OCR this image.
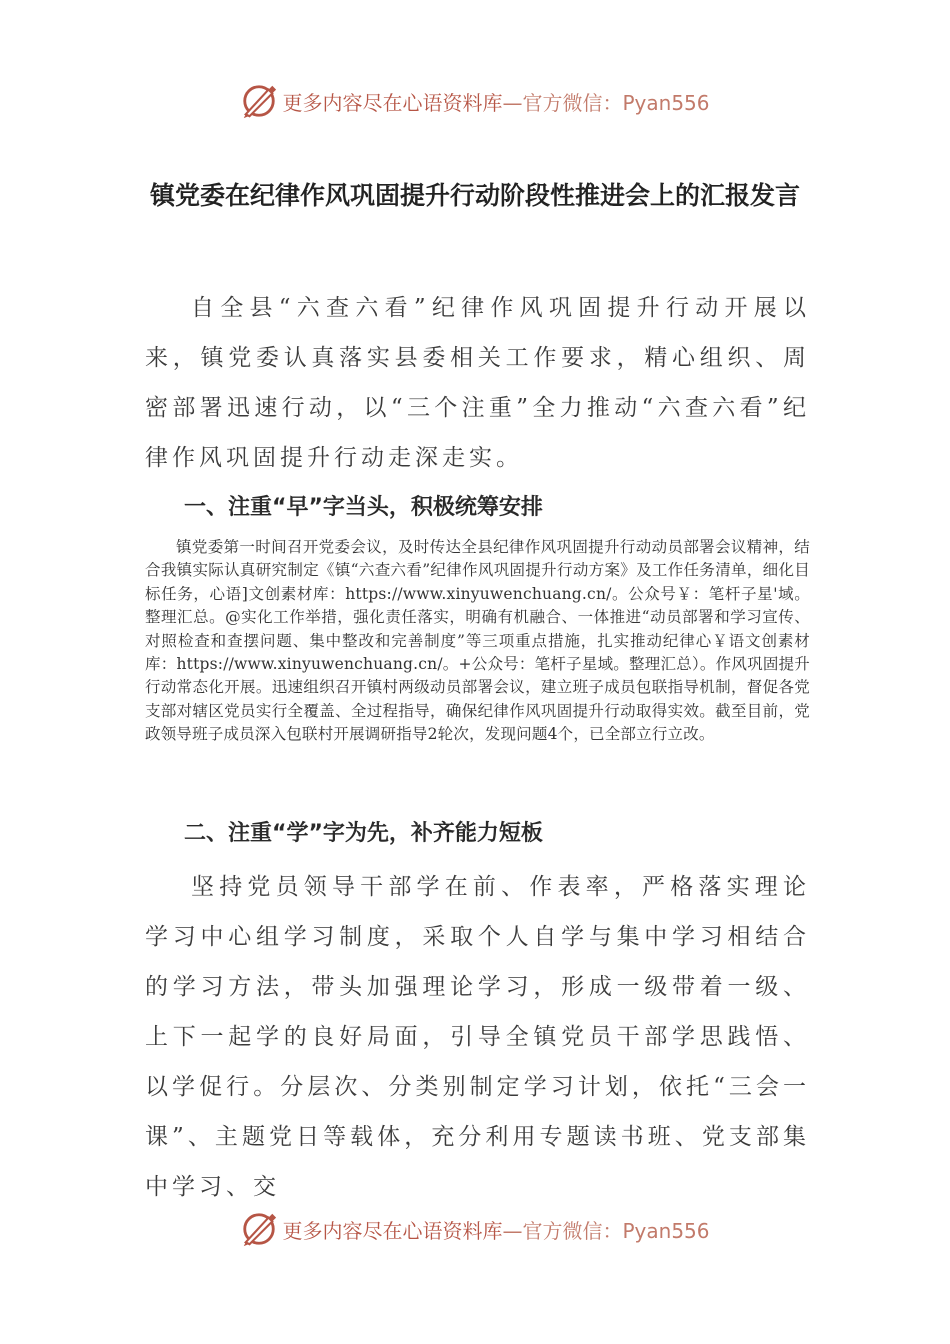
更多内容尽在心语资料库—官方微信：Pyan556
镇党委在纪律作风巩固提升行动阶段性推进会上的汇报发言

自全县“六查六看”纪律作风巩固提升行动开展以来，镇党委认真落实县委相关工作要求，精心组织、周密部署迅速行动，以“三个注重”全力推动“六查六看”纪律作风巩固提升行动走深走实。

一、注重“早”字当头，积极统筹安排

镇党委第一时间召开党委会议，及时传达全县纪律作风巩固提升行动动员部署会议精神，结合我镇实际认真研究制定《镇“六查六看”纪律作风巩固提升行动方案》及工作任务清单，细化目标任务，心语]文创素材库：https://www.xinyuwenchuang.cn/。公众号￥：笔杆子星'域。整理汇总。@实化工作举措，强化责任落实，明确有机融合、一体推进“动员部署和学习宣传、对照检查和查摆问题、集中整改和完善制度”等三项重点措施，扎实推动纪律心￥语文创素材库：https://www.xinyuwenchuang.cn/。+公众号：笔杆子星域。整理汇总）。作风巩固提升行动常态化开展。迅速组织召开镇村两级动员部署会议，建立班子成员包联指导机制，督促各党支部对辖区党员实行全覆盖、全过程指导，确保纪律作风巩固提升行动取得实效。截至目前，党政领导班子成员深入包联村开展调研指导2轮次，发现问题4个，已全部立行立改。

二、注重“学”字为先，补齐能力短板

坚持党员领导干部学在前、作表率，严格落实理论学习中心组学习制度，采取个人自学与集中学习相结合的学习方法，带头加强理论学习，形成一级带着一级、上下一起学的良好局面，引导全镇党员干部学思践悟、以学促行。分层次、分类别制定学习计划，依托“三会一课”、主题党日等载体，充分利用专题读书班、党支部集中学习、交

更多内容尽在心语资料库—官方微信：Pyan556
